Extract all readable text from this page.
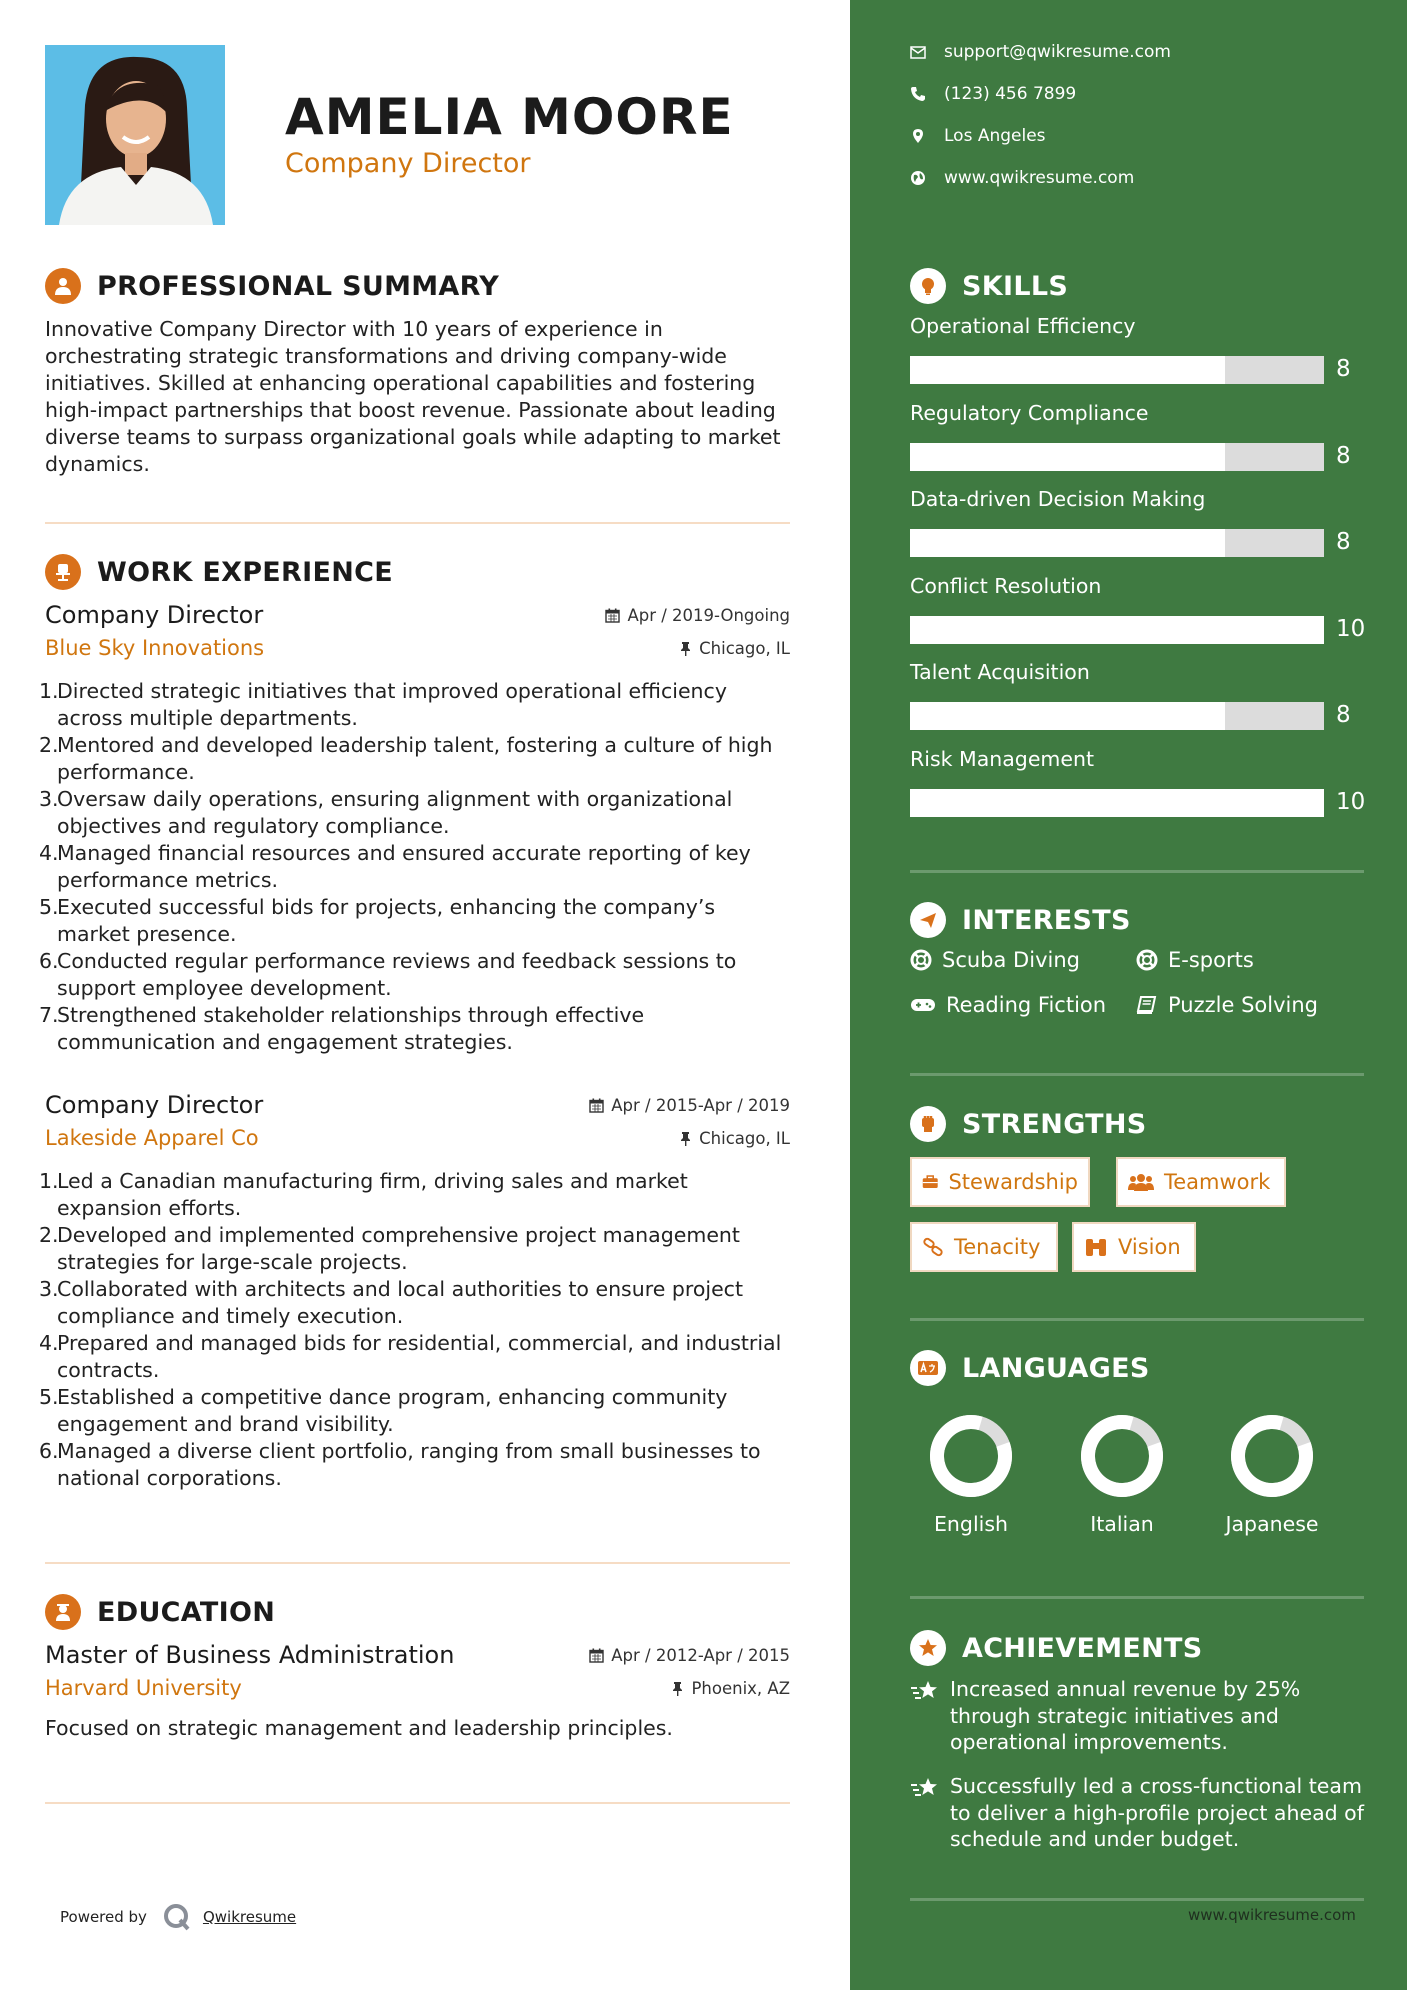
AMELIA MOORE
Company Director
PROFESSIONAL SUMMARY
Innovative Company Director with 10 years of experience in orchestrating strategic transformations and driving company-wide initiatives. Skilled at enhancing operational capabilities and fostering high-impact partnerships that boost revenue. Passionate about leading diverse teams to surpass organizational goals while adapting to market dynamics.
WORK EXPERIENCE
Company Director	Apr / 2019-Ongoing
Blue Sky Innovations	Chicago, IL
1.
Directed strategic initiatives that improved operational efficiency across multiple departments.
2.
Mentored and developed leadership talent, fostering a culture of high performance.
3.
Oversaw daily operations, ensuring alignment with organizational objectives and regulatory compliance.
4.
Managed financial resources and ensured accurate reporting of key performance metrics.
5.
Executed successful bids for projects, enhancing the company’s market presence.
6.
Conducted regular performance reviews and feedback sessions to support employee development.
7.
Strengthened stakeholder relationships through effective communication and engagement strategies.
Company Director	Apr / 2015-Apr / 2019
Lakeside Apparel Co	Chicago, IL
1.
Led a Canadian manufacturing firm, driving sales and market expansion efforts.
2.
Developed and implemented comprehensive project management strategies for large-scale projects.
3.
Collaborated with architects and local authorities to ensure project compliance and timely execution.
4.
Prepared and managed bids for residential, commercial, and industrial contracts.
5.
Established a competitive dance program, enhancing community engagement and brand visibility.
6.
Managed a diverse client portfolio, ranging from small businesses to national corporations.
EDUCATION
Master of Business Administration	Apr / 2012-Apr / 2015
Harvard University	Phoenix, AZ
Focused on strategic management and leadership principles.
Powered by	Qwikresume
support@qwikresume.com
(123) 456 7899
Los Angeles
www.qwikresume.com
SKILLS
Operational Efficiency
8
Regulatory Compliance
8
Data-driven Decision Making
8
Conflict Resolution
10
Talent Acquisition
8
Risk Management
10
INTERESTS
Scuba Diving	E-sports
Reading Fiction	Puzzle Solving
STRENGTHS
Stewardship	Teamwork
Tenacity	Vision
LANGUAGES
English	Italian	Japanese
ACHIEVEMENTS
Increased annual revenue by 25% through strategic initiatives and operational improvements.
Successfully led a cross-functional team to deliver a high-profile project ahead of schedule and under budget.
www.qwikresume.com
